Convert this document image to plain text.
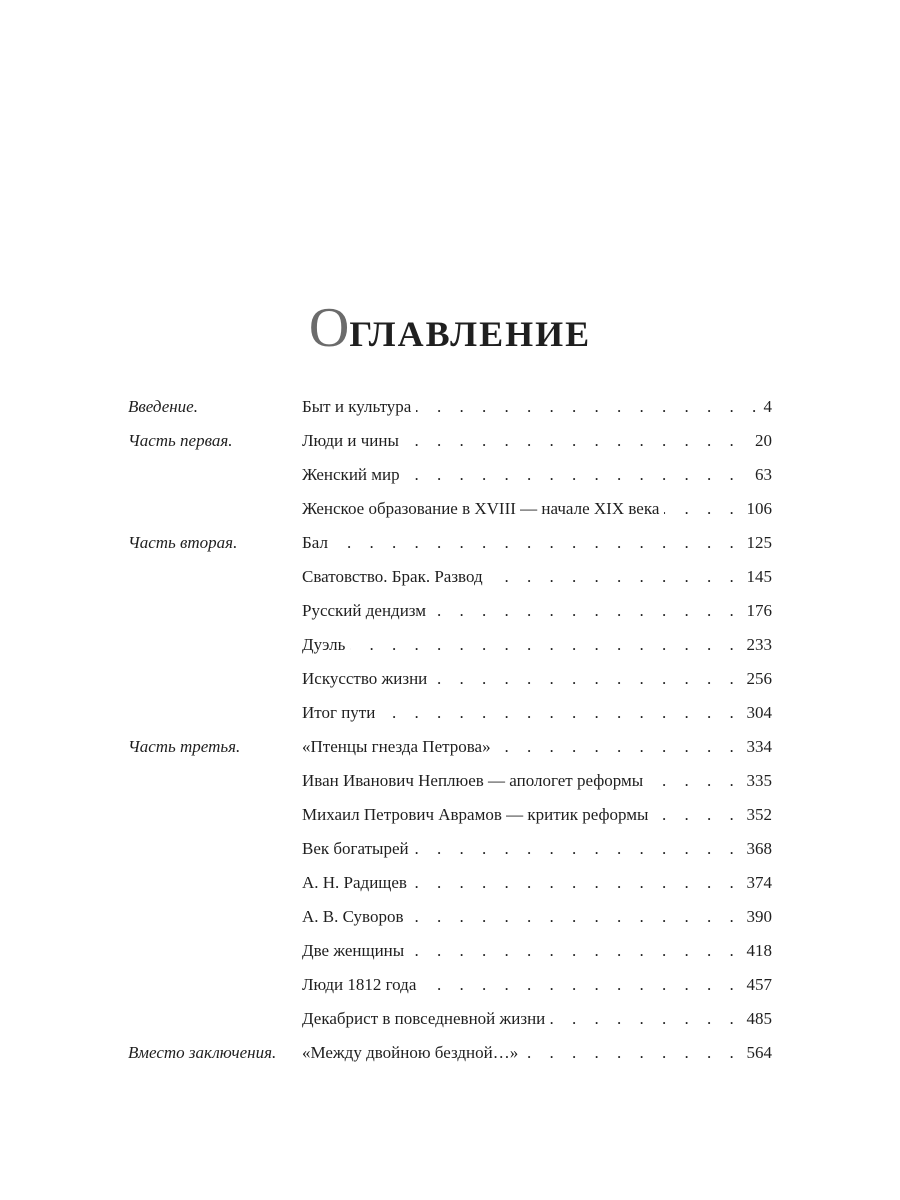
ОГЛАВЛЕНИЕ
Введение. . . .	Быт и культура	4
Часть первая. . . .	Люди и чины	20
. . .
Женский мир	63
. . .
Женское образование в XVIII — начале XIX века	106
Часть вторая. . . .	Бал	125
. . .
Сватовство. Брак. Развод	145
. . .
Русский дендизм	176
. . .
Дуэль	233
. . .
Искусство жизни	256
. . .
Итог пути	304
Часть третья. . . .	«Птенцы гнезда Петрова»	334
. . .
Иван Иванович Неплюев — апологет реформы	335
. . .
Михаил Петрович Аврамов — критик реформы	352
. . .
Век богатырей	368
. . .
А. Н. Радищев	374
. . .
А. В. Суворов	390
. . .
Две женщины	418
. . .
Люди 1812 года	457
. . .
Декабрист в повседневной жизни	485
Вместо заключения. . . . «Между двойною бездной…»	564
